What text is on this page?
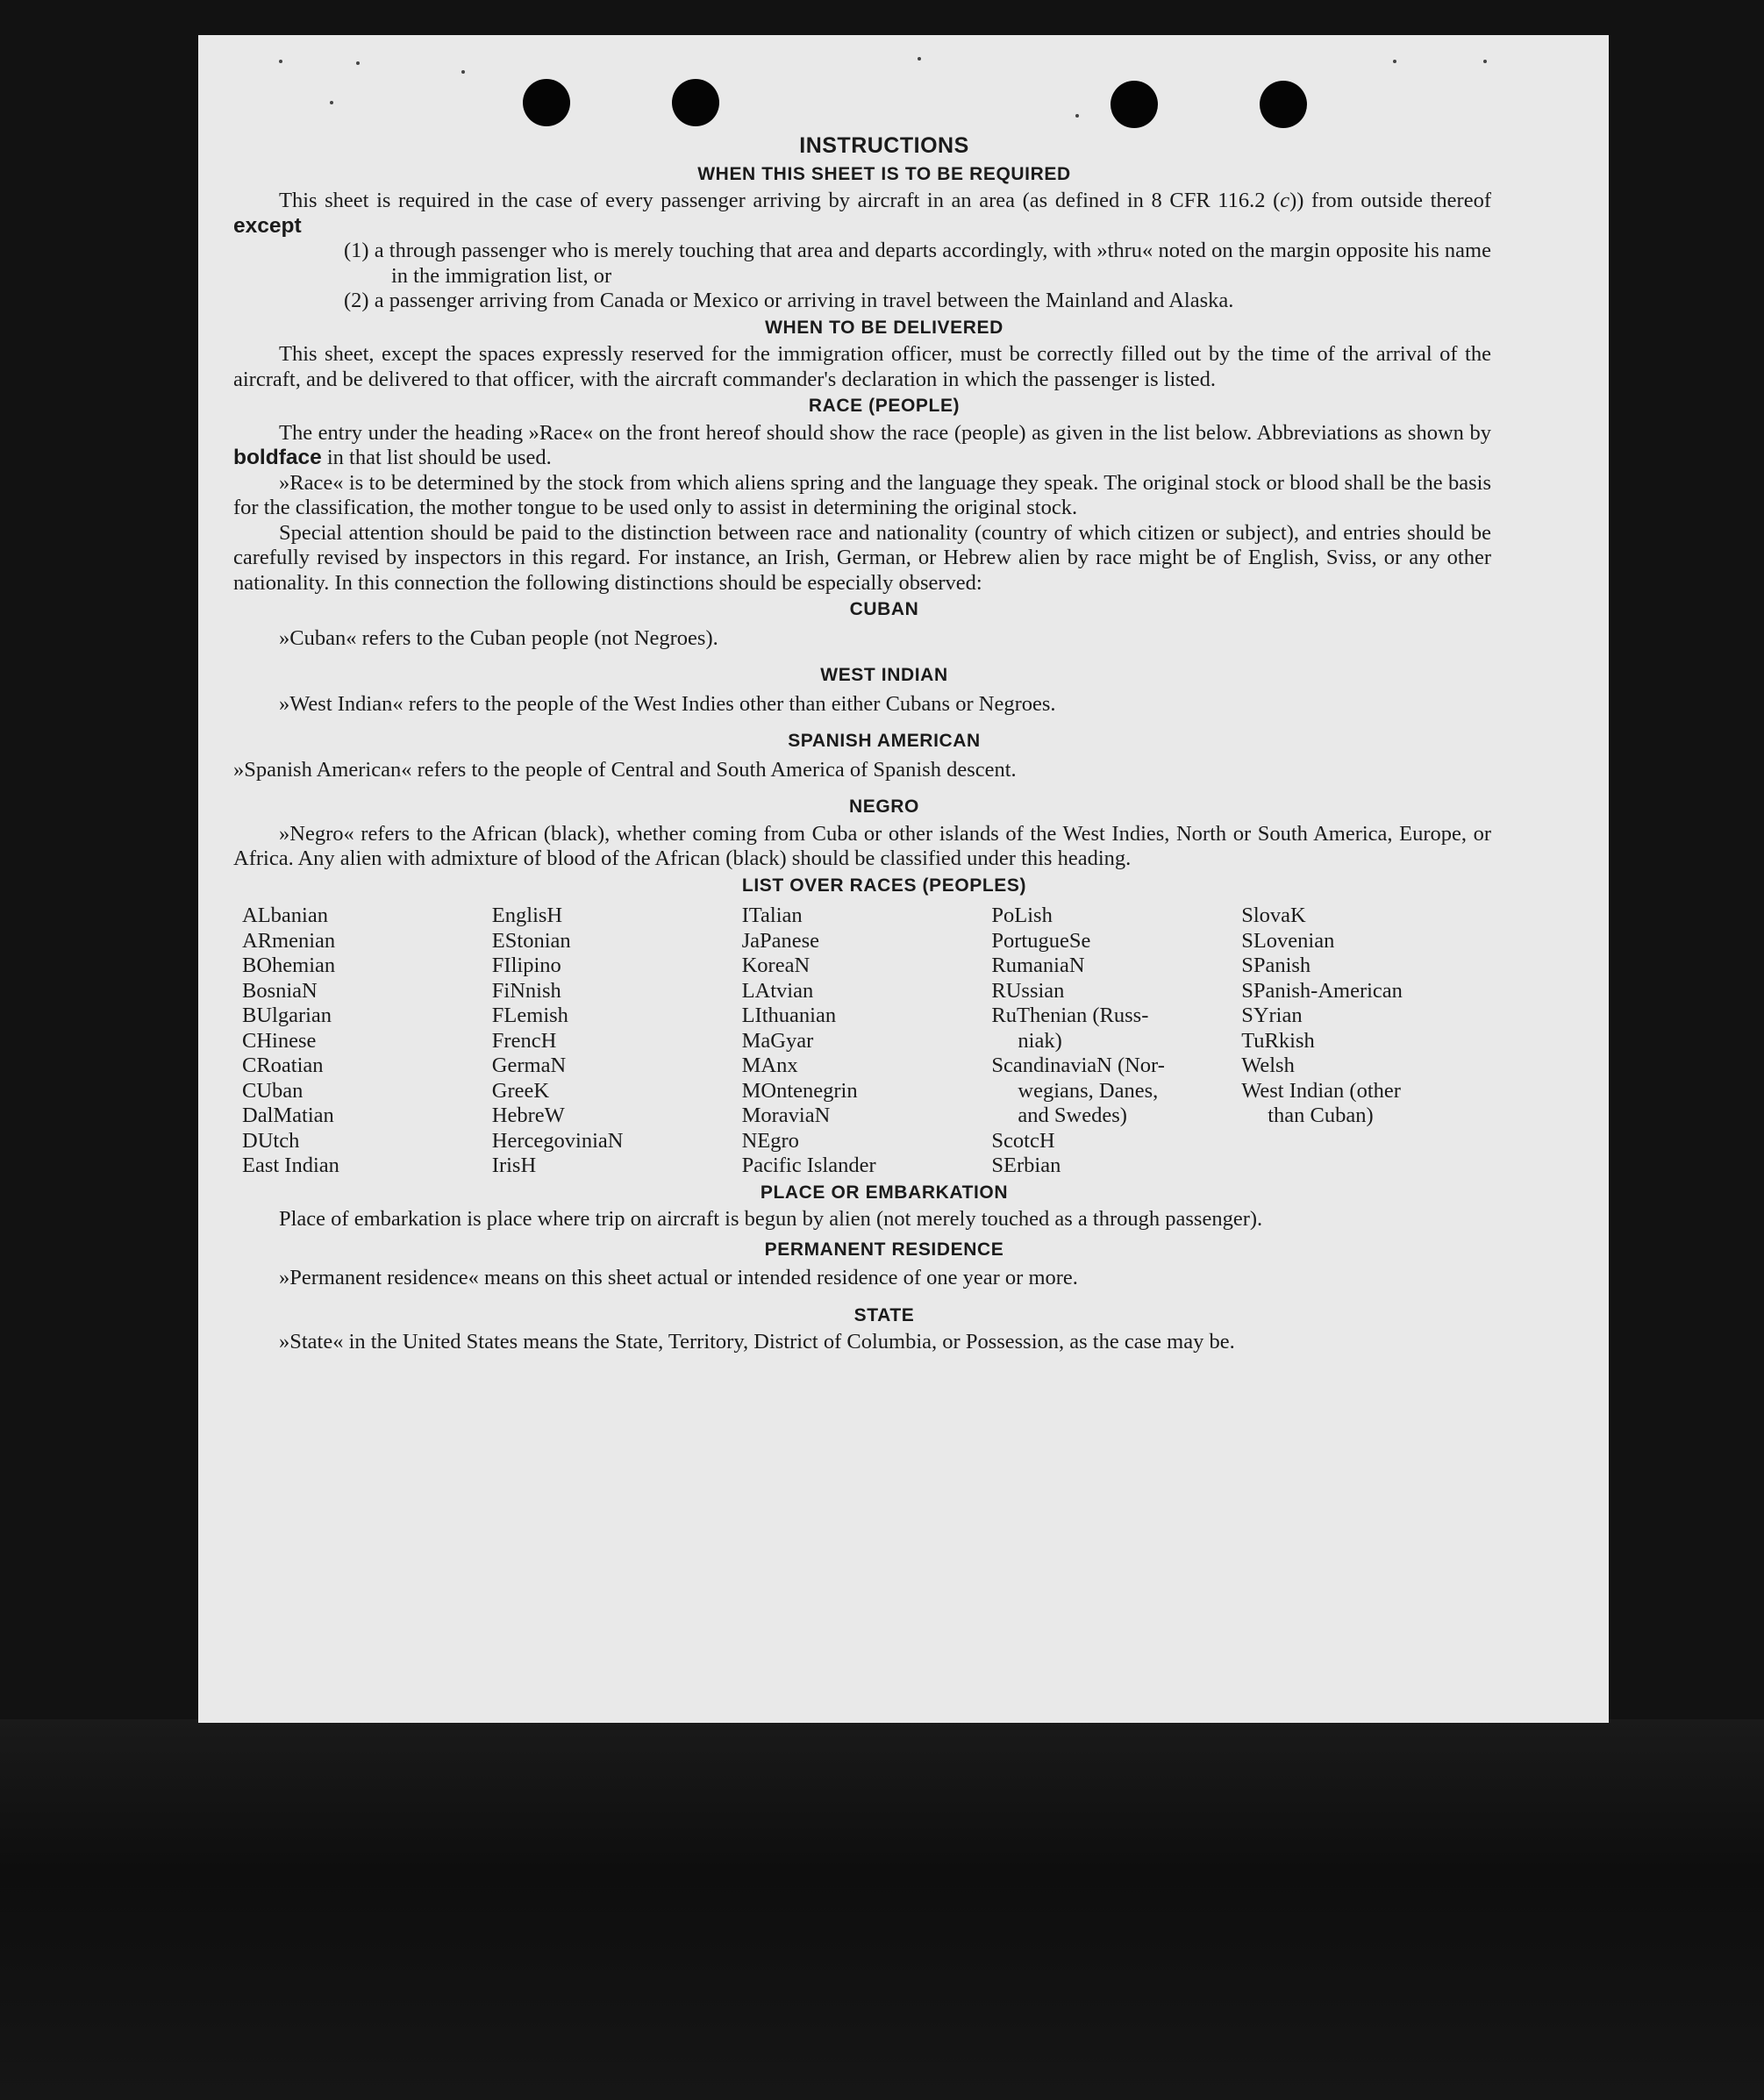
INSTRUCTIONS
WHEN THIS SHEET IS TO BE REQUIRED

This sheet is required in the case of every passenger arriving by aircraft in an area (as defined in 8 CFR 116.2 (c)) from outside thereof except

(1) a through passenger who is merely touching that area and departs accordingly, with »thru« noted on the margin opposite his name in the immigration list, or

(2) a passenger arriving from Canada or Mexico or arriving in travel between the Mainland and Alaska.

WHEN TO BE DELIVERED

This sheet, except the spaces expressly reserved for the immigration officer, must be correctly filled out by the time of the arrival of the aircraft, and be delivered to that officer, with the aircraft commander's declaration in which the passenger is listed.

RACE (PEOPLE)

The entry under the heading »Race« on the front hereof should show the race (people) as given in the list below. Abbreviations as shown by boldface in that list should be used.

»Race« is to be determined by the stock from which aliens spring and the language they speak. The original stock or blood shall be the basis for the classification, the mother tongue to be used only to assist in determining the original stock.

Special attention should be paid to the distinction between race and nationality (country of which citizen or subject), and entries should be carefully revised by inspectors in this regard. For instance, an Irish, German, or Hebrew alien by race might be of English, Sviss, or any other nationality. In this connection the following distinctions should be especially observed:

CUBAN

»Cuban« refers to the Cuban people (not Negroes).

WEST INDIAN

»West Indian« refers to the people of the West Indies other than either Cubans or Negroes.

SPANISH AMERICAN

»Spanish American« refers to the people of Central and South America of Spanish descent.

NEGRO

»Negro« refers to the African (black), whether coming from Cuba or other islands of the West Indies, North or South America, Europe, or Africa. Any alien with admixture of blood of the African (black) should be classified under this heading.

LIST OVER RACES (PEOPLES)
ALbanian
ARmenian
BOhemian
BosniaN
BUlgarian
CHinese
CRoatian
CUban
DalMatian
DUtch
East Indian
EnglisH
EStonian
FIlipino
FiNnish
FLemish
FrencH
GermaN
GreeK
HebreW
HercegoviniaN
IrisH
ITalian
JaPanese
KoreaN
LAtvian
LIthuanian
MaGyar
MAnx
MOntenegrin
MoraviaN
NEgro
Pacific Islander
PoLish
PortugueSe
RumaniaN
RUssian
RuThenian (Russ-
niak)
ScandinaviaN (Nor-
wegians, Danes,
and Swedes)
ScotcH
SErbian
SlovaK
SLovenian
SPanish
SPanish-American
SYrian
TuRkish
Welsh
West Indian (other
than Cuban)
PLACE OR EMBARKATION

Place of embarkation is place where trip on aircraft is begun by alien (not merely touched as a through passenger).

PERMANENT RESIDENCE

»Permanent residence« means on this sheet actual or intended residence of one year or more.

STATE

»State« in the United States means the State, Territory, District of Columbia, or Possession, as the case may be.
